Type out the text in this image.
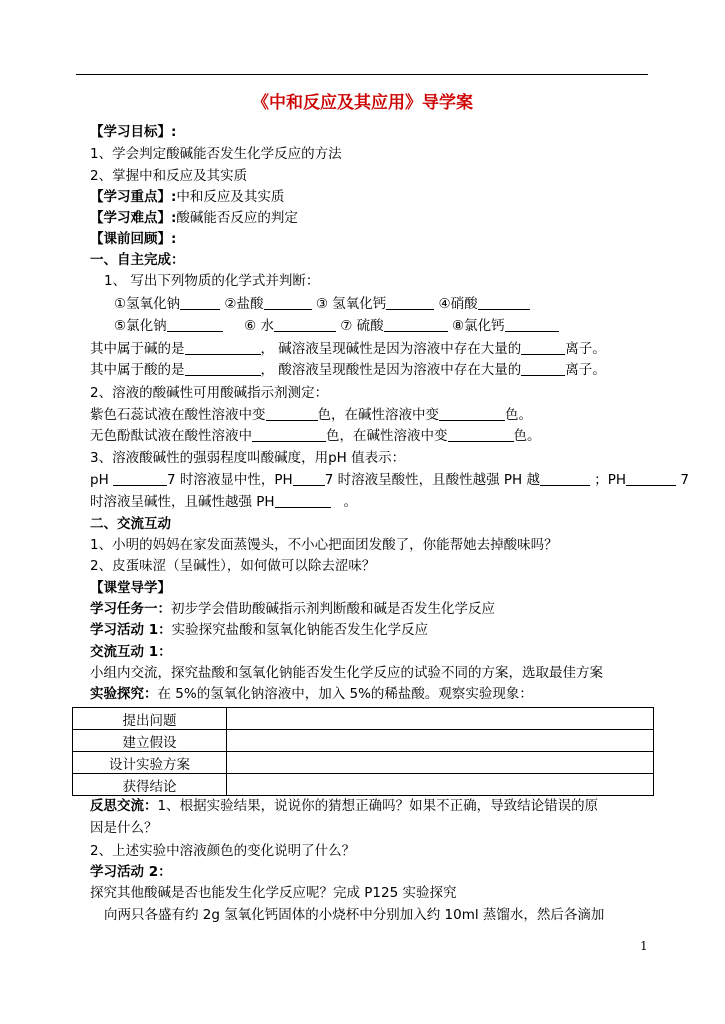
《中和反应及其应用》导学案
【学习目标】:
1、学会判定酸碱能否发生化学反应的方法
2、掌握中和反应及其实质
【学习重点】:中和反应及其实质
【学习难点】:酸碱能否反应的判定
【课前回顾】:
一、自主完成：
1、 写出下列物质的化学式并判断：
①氢氧化钠	②盐酸	③ 氢氧化钙	④硝酸
⑤氯化钠	⑥ 水	⑦ 硫酸	⑧氯化钙
其中属于碱的是	， 碱溶液呈现碱性是因为溶液中存在大量的	离子。
其中属于酸的是	， 酸溶液呈现酸性是因为溶液中存在大量的	离子。
2、溶液的酸碱性可用酸碱指示剂测定：
紫色石蕊试液在酸性溶液中变	色，在碱性溶液中变	色。
无色酚酞试液在酸性溶液中	色，在碱性溶液中变	色。
3、溶液酸碱性的强弱程度叫酸碱度，用pH 值表示：
pH	7 时溶液显中性，PH 7 时溶液呈酸性，且酸性越强 PH 越	；PH	7
时溶液呈碱性，且碱性越强 PH	。
二、交流互动
1、小明的妈妈在家发面蒸馒头，不小心把面团发酸了，你能帮她去掉酸味吗？
2、皮蛋味涩（呈碱性），如何做可以除去涩味？
【课堂导学】
学习任务一：初步学会借助酸碱指示剂判断酸和碱是否发生化学反应
学习活动 1：实验探究盐酸和氢氧化钠能否发生化学反应
交流互动 1：
小组内交流，探究盐酸和氢氧化钠能否发生化学反应的试验不同的方案，选取最佳方案
实验探究：在 5%的氢氧化钠溶液中，加入 5%的稀盐酸。观察实验现象：
提出问题	
建立假设	
设计实验方案	
获得结论	
反思交流：1、根据实验结果，说说你的猜想正确吗？如果不正确，导致结论错误的原
因是什么？
2、上述实验中溶液颜色的变化说明了什么？
学习活动 2：
探究其他酸碱是否也能发生化学反应呢？完成 P125 实验探究
向两只各盛有约 2g 氢氧化钙固体的小烧杯中分别加入约 10ml 蒸馏水，然后各滴加
1
